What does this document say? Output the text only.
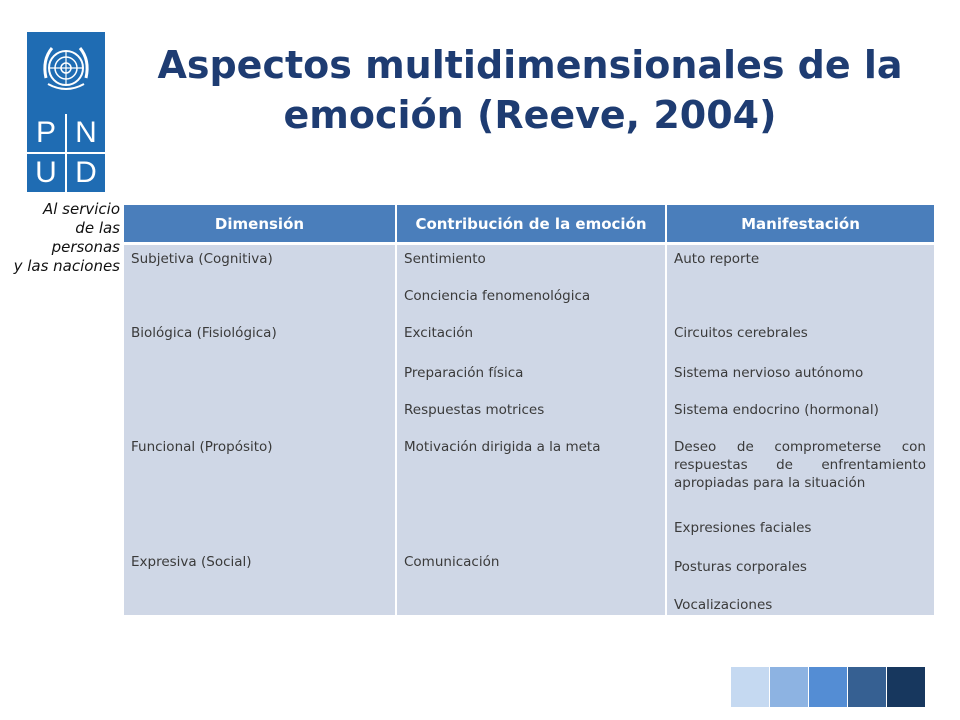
P N
U D
Al servicio
de las personas
y las naciones
Aspectos multidimensionales de la emoción (Reeve, 2004)
Dimensión	Contribución de la emoción	Manifestación
Subjetiva (Cognitiva)
Biológica (Fisiológica)
Funcional (Propósito)
Expresiva (Social)
Sentimiento
Conciencia fenomenológica
Excitación
Preparación física
Respuestas motrices
Motivación dirigida a la meta
Comunicación
Auto reporte
Circuitos cerebrales
Sistema nervioso autónomo
Sistema endocrino (hormonal)
Deseo de comprometerse con respuestas de enfrentamiento apropiadas para la situación
Expresiones faciales
Posturas corporales
Vocalizaciones
